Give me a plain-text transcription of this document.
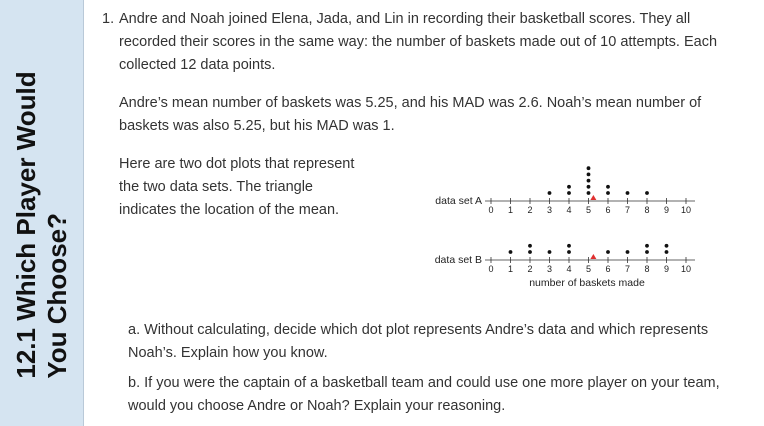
12.1 Which Player Would You Choose?

1. Andre and Noah joined Elena, Jada, and Lin in recording their basketball scores. They all recorded their scores in the same way: the number of baskets made out of 10 attempts. Each collected 12 data points.

Andre’s mean number of baskets was 5.25, and his MAD was 2.6. Noah’s mean number of baskets was also 5.25, but his MAD was 1.

Here are two dot plots that represent the two data sets. The triangle indicates the location of the mean.

data set A
0 1 2 3 4 5 6 7 8 9 10
data set B
0 1 2 3 4 5 6 7 8 9 10
number of baskets made

a. Without calculating, decide which dot plot represents Andre’s data and which represents Noah’s. Explain how you know.

b. If you were the captain of a basketball team and could use one more player on your team, would you choose Andre or Noah? Explain your reasoning.
